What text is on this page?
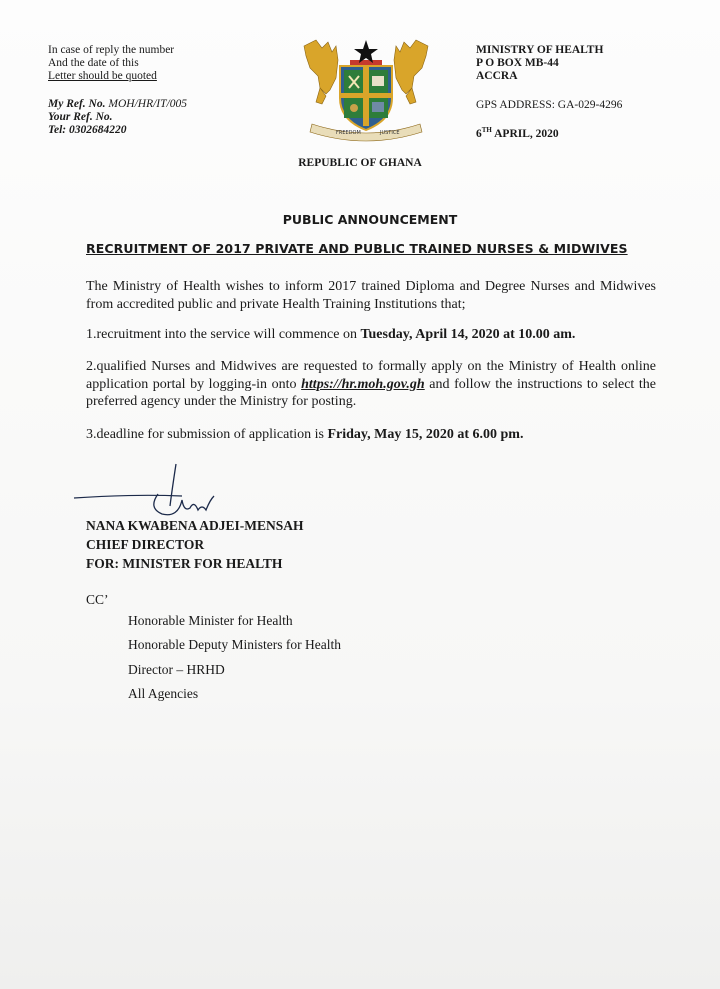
In case of reply the number
And the date of this
Letter should be quoted
My Ref. No. MOH/HR/IT/005
Your Ref. No.
Tel: 0302684220	FREEDOM	JUSTICE
MINISTRY OF HEALTH
P O BOX MB-44
ACCRA
GPS ADDRESS: GA-029-4296
6TH APRIL, 2020
REPUBLIC OF GHANA
PUBLIC ANNOUNCEMENT
RECRUITMENT OF 2017 PRIVATE AND PUBLIC TRAINED NURSES & MIDWIVES
The Ministry of Health wishes to inform 2017 trained Diploma and Degree Nurses and Midwives from accredited public and private Health Training Institutions that;
1.recruitment into the service will commence on Tuesday, April 14, 2020 at 10.00 am.
2.qualified Nurses and Midwives are requested to formally apply on the Ministry of Health online application portal by logging-in onto https://hr.moh.gov.gh and follow the instructions to select the preferred agency under the Ministry for posting.
3.deadline for submission of application is Friday, May 15, 2020 at 6.00 pm.
NANA KWABENA ADJEI-MENSAH
CHIEF DIRECTOR
FOR: MINISTER FOR HEALTH
CC’
Honorable Minister for Health
Honorable Deputy Ministers for Health
Director – HRHD
All Agencies
